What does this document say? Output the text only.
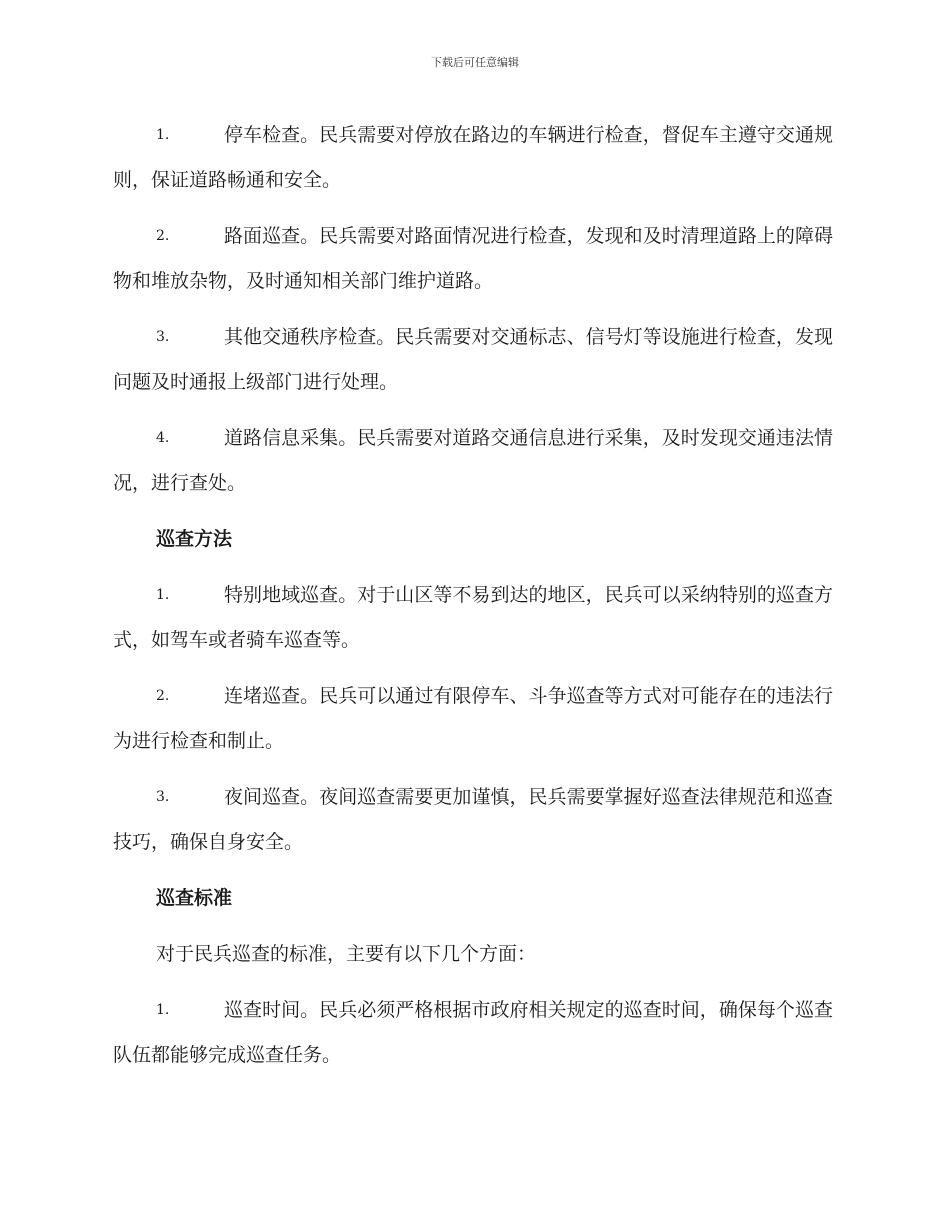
下载后可任意编辑
1.	停车检查。民兵需要对停放在路边的车辆进行检查，督促车主遵守交通规则，保证道路畅通和安全。
2.	路面巡查。民兵需要对路面情况进行检查，发现和及时清理道路上的障碍物和堆放杂物，及时通知相关部门维护道路。
3.	其他交通秩序检查。民兵需要对交通标志、信号灯等设施进行检查，发现问题及时通报上级部门进行处理。
4.	道路信息采集。民兵需要对道路交通信息进行采集，及时发现交通违法情况，进行查处。
巡查方法
1.	特别地域巡查。对于山区等不易到达的地区，民兵可以采纳特别的巡查方式，如驾车或者骑车巡查等。
2.	连堵巡查。民兵可以通过有限停车、斗争巡查等方式对可能存在的违法行为进行检查和制止。
3.	夜间巡查。夜间巡查需要更加谨慎，民兵需要掌握好巡查法律规范和巡查技巧，确保自身安全。
巡查标准
对于民兵巡查的标准，主要有以下几个方面：
1.	巡查时间。民兵必须严格根据市政府相关规定的巡查时间，确保每个巡查队伍都能够完成巡查任务。
